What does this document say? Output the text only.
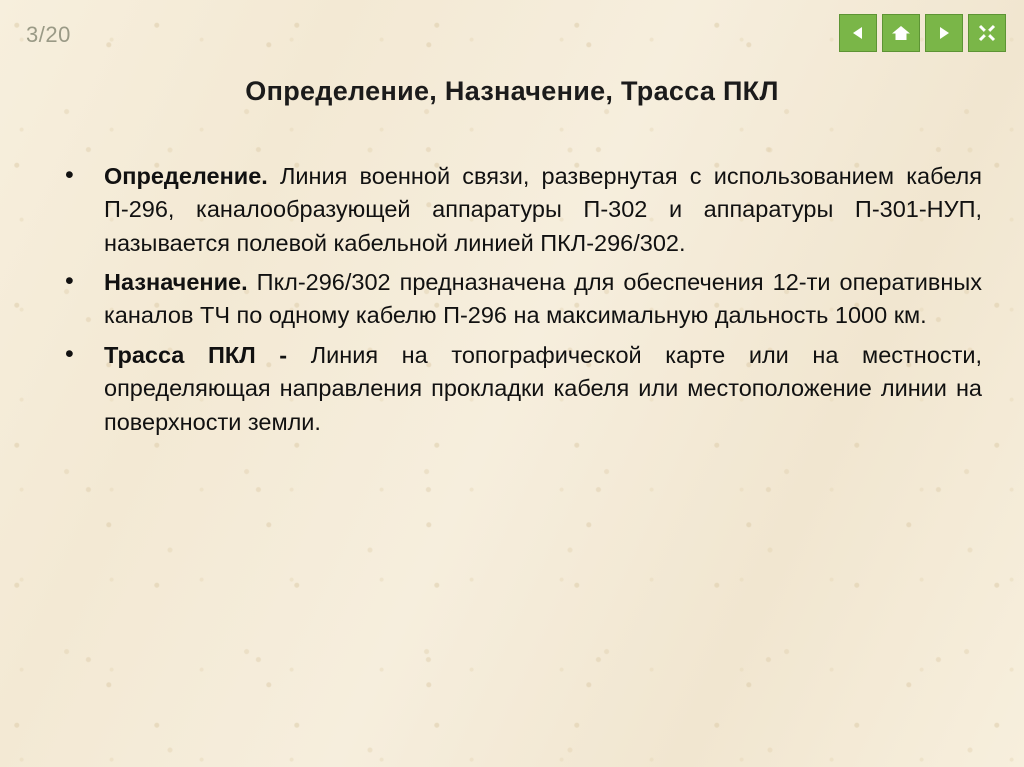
3/20
Определение, Назначение, Трасса ПКЛ
• Определение. Линия военной связи, развернутая с использованием кабеля П-296, каналообразующей аппаратуры П-302 и аппаратуры П-301-НУП, называется полевой кабельной линией ПКЛ-296/302.
• Назначение. Пкл-296/302 предназначена для обеспечения 12-ти оперативных каналов ТЧ по одному кабелю П-296 на максимальную дальность 1000 км.
• Трасса ПКЛ - Линия на топографической карте или на местности, определяющая направления прокладки кабеля или местоположение линии на поверхности земли.
